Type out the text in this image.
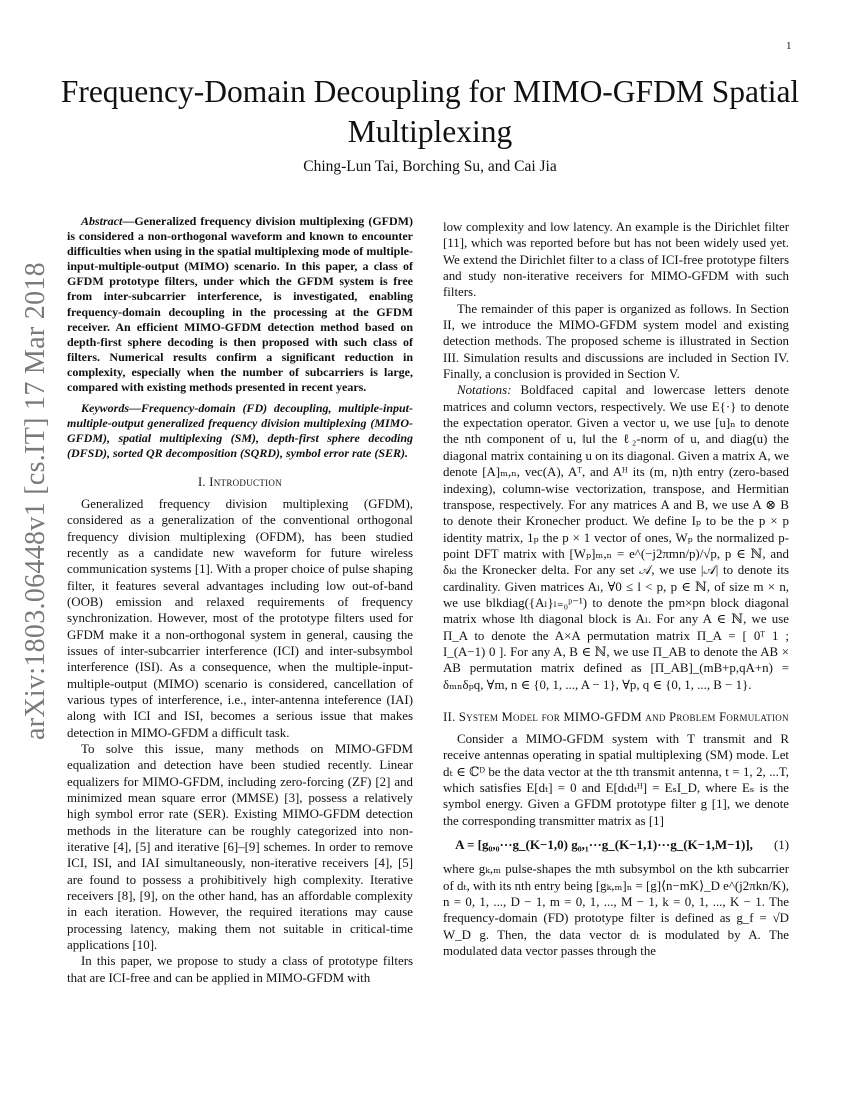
1
arXiv:1803.06448v1 [cs.IT] 17 Mar 2018
Frequency-Domain Decoupling for MIMO-GFDM Spatial Multiplexing
Ching-Lun Tai, Borching Su, and Cai Jia

Abstract—Generalized frequency division multiplexing (GFDM) is considered a non-orthogonal waveform and known to encounter difficulties when using in the spatial multiplexing mode of multiple-input-multiple-output (MIMO) scenario. In this paper, a class of GFDM prototype filters, under which the GFDM system is free from inter-subcarrier interference, is investigated, enabling frequency-domain decoupling in the processing at the GFDM receiver. An efficient MIMO-GFDM detection method based on depth-first sphere decoding is then proposed with such class of filters. Numerical results confirm a significant reduction in complexity, especially when the number of subcarriers is large, compared with existing methods presented in recent years.

Keywords—Frequency-domain (FD) decoupling, multiple-input-multiple-output generalized frequency division multiplexing (MIMO-GFDM), spatial multiplexing (SM), depth-first sphere decoding (DFSD), sorted QR decomposition (SQRD), symbol error rate (SER).

I. Introduction

Generalized frequency division multiplexing (GFDM), considered as a generalization of the conventional orthogonal frequency division multiplexing (OFDM), has been studied recently as a candidate new waveform for future wireless communication systems [1]. With a proper choice of pulse shaping filter, it features several advantages including low out-of-band (OOB) emission and relaxed requirements of frequency synchronization. However, most of the prototype filters used for GFDM make it a non-orthogonal system in general, causing the issues of inter-subcarrier interference (ICI) and inter-subsymbol interference (ISI). As a consequence, when the multiple-input-multiple-output (MIMO) scenario is considered, cancellation of various types of interference, i.e., inter-antenna inteference (IAI) along with ICI and ISI, becomes a serious issue that makes detection in MIMO-GFDM a difficult task.

To solve this issue, many methods on MIMO-GFDM equalization and detection have been studied recently. Linear equalizers for MIMO-GFDM, including zero-forcing (ZF) [2] and minimized mean square error (MMSE) [3], possess a relatively high symbol error rate (SER). Existing MIMO-GFDM detection methods in the literature can be roughly categorized into non-iterative [4], [5] and iterative [6]–[9] schemes. In order to remove ICI, ISI, and IAI simultaneously, non-iterative receivers [4], [5] are found to possess a prohibitively high complexity. Iterative receivers [8], [9], on the other hand, has an affordable complexity in each iteration. However, the required iterations may cause processing latency, making them not suitable in critical-time applications [10].

In this paper, we propose to study a class of prototype filters that are ICI-free and can be applied in MIMO-GFDM with

low complexity and low latency. An example is the Dirichlet filter [11], which was reported before but has not been widely used yet. We extend the Dirichlet filter to a class of ICI-free prototype filters and study non-iterative receivers for MIMO-GFDM with such filters.

The remainder of this paper is organized as follows. In Section II, we introduce the MIMO-GFDM system model and existing detection methods. The proposed scheme is illustrated in Section III. Simulation results and discussions are included in Section IV. Finally, a conclusion is provided in Section V.

Notations: Boldfaced capital and lowercase letters denote matrices and column vectors, respectively. We use E{·} to denote the expectation operator. Given a vector u, we use [u]ₙ to denote the nth component of u, ‖u‖ the ℓ₂-norm of u, and diag(u) the diagonal matrix containing u on its diagonal. Given a matrix A, we denote [A]ₘ,ₙ, vec(A), Aᵀ, and Aᴴ its (m, n)th entry (zero-based indexing), column-wise vectorization, transpose, and Hermitian transpose, respectively. For any matrices A and B, we use A ⊗ B to denote their Kronecher product. We define Iₚ to be the p × p identity matrix, 1ₚ the p × 1 vector of ones, Wₚ the normalized p-point DFT matrix with [Wₚ]ₘ,ₙ = e^(−j2πmn/p)/√p, p ∈ ℕ, and δₖₗ the Kronecker delta. For any set 𝒜, we use |𝒜| to denote its cardinality. Given matrices Aₗ, ∀0 ≤ l < p, p ∈ ℕ, of size m × n, we use blkdiag({Aₗ}ₗ₌₀ᵖ⁻¹) to denote the pm×pn block diagonal matrix whose lth diagonal block is Aₗ. For any A ∈ ℕ, we use Π_A to denote the A×A permutation matrix Π_A = [ 0ᵀ 1 ; I_(A−1) 0 ]. For any A, B ∈ ℕ, we use Π_AB to denote the AB × AB permutation matrix defined as [Π_AB]_(mB+p,qA+n) = δₘₙδₚq, ∀m, n ∈ {0, 1, ..., A − 1}, ∀p, q ∈ {0, 1, ..., B − 1}.

II. System Model for MIMO-GFDM and Problem Formulation

Consider a MIMO-GFDM system with T transmit and R receive antennas operating in spatial multiplexing (SM) mode. Let dₜ ∈ ℂᴰ be the data vector at the tth transmit antenna, t = 1, 2, ...T, which satisfies E[dₜ] = 0 and E[dₜdₜᴴ] = EₛI_D, where Eₛ is the symbol energy. Given a GFDM prototype filter g [1], we denote the corresponding transmitter matrix as [1]

A = [g₀,₀···g_(K−1,0) g₀,₁···g_(K−1,1)···g_(K−1,M−1)],	(1)

where gₖ,ₘ pulse-shapes the mth subsymbol on the kth subcarrier of dₜ, with its nth entry being [gₖ,ₘ]ₙ = [g]⟨n−mK⟩_D e^(j2πkn/K), n = 0, 1, ..., D − 1, m = 0, 1, ..., M − 1, k = 0, 1, ..., K − 1. The frequency-domain (FD) prototype filter is defined as g_f = √D W_D g. Then, the data vector dₜ is modulated by A. The modulated data vector passes through the
